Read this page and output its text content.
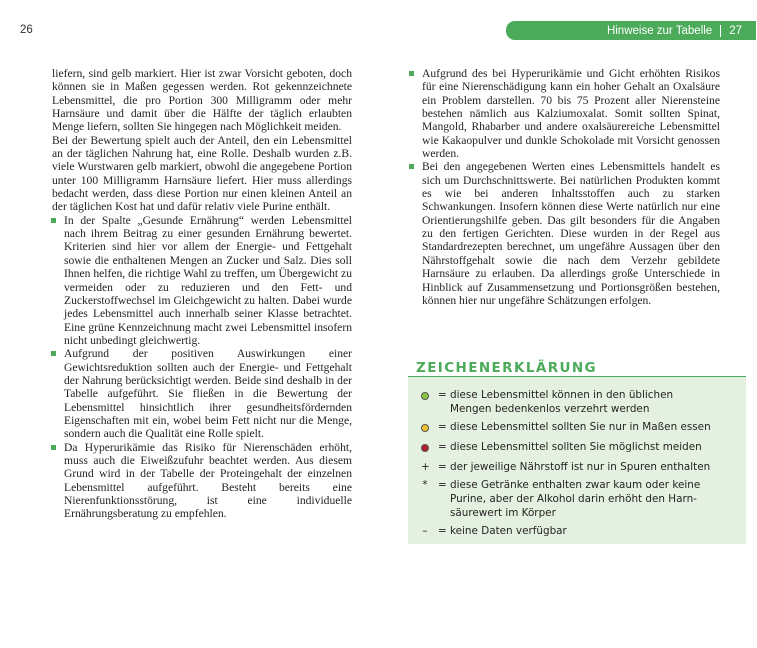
26	Hinweise zur Tabelle 27

liefern, sind gelb markiert. Hier ist zwar Vorsicht geboten, doch können sie in Maßen gegessen werden. Rot gekennzeichnete Lebensmittel, die pro Portion 300 Milligramm oder mehr Harnsäure und damit über die Hälfte der täglich erlaubten Menge liefern, sollten Sie hingegen nach Möglichkeit meiden.

Bei der Bewertung spielt auch der Anteil, den ein Lebensmittel an der täglichen Nahrung hat, eine Rolle. Deshalb wurden z.B. viele Wurstwaren gelb markiert, obwohl die angegebene Portion unter 100 Milligramm Harnsäure liefert. Hier muss allerdings bedacht werden, dass diese Portion nur einen kleinen Anteil an der täglichen Kost hat und dafür relativ viele Purine enthält.

In der Spalte „Gesunde Ernährung“ werden Lebensmittel nach ihrem Beitrag zu einer gesunden Ernährung bewertet. Kriterien sind hier vor allem der Energie- und Fettgehalt sowie die enthaltenen Mengen an Zucker und Salz. Dies soll Ihnen helfen, die richtige Wahl zu treffen, um Übergewicht zu vermeiden oder zu reduzieren und den Fett- und Zuckerstoffwechsel im Gleichgewicht zu halten. Dabei wurde jedes Lebensmittel auch innerhalb seiner Klasse betrachtet. Eine grüne Kennzeichnung macht zwei Lebensmittel insofern nicht unbedingt gleichwertig.

Aufgrund der positiven Auswirkungen einer Gewichtsreduktion sollten auch der Energie- und Fettgehalt der Nahrung berücksichtigt werden. Beide sind deshalb in der Tabelle aufgeführt. Sie fließen in die Bewertung der Lebensmittel hinsichtlich ihrer gesundheitsfördernden Eigenschaften mit ein, wobei beim Fett nicht nur die Menge, sondern auch die Qualität eine Rolle spielt.

Da Hyperurikämie das Risiko für Nierenschäden erhöht, muss auch die Eiweißzufuhr beachtet werden. Aus diesem Grund wird in der Tabelle der Proteingehalt der einzelnen Lebensmittel aufgeführt. Besteht bereits eine Nierenfunktionsstörung, ist eine individuelle Ernährungsberatung zu empfehlen.

Aufgrund des bei Hyperurikämie und Gicht erhöhten Risikos für eine Nierenschädigung kann ein hoher Gehalt an Oxalsäure ein Problem darstellen. 70 bis 75 Prozent aller Nierensteine bestehen nämlich aus Kalziumoxalat. Somit sollten Spinat, Mangold, Rhabarber und andere oxalsäurereiche Lebensmittel wie Kakaopulver und dunkle Schokolade mit Vorsicht genossen werden.

Bei den angegebenen Werten eines Lebensmittels handelt es sich um Durchschnittswerte. Bei natürlichen Produkten kommt es wie bei anderen Inhaltsstoffen auch zu starken Schwankungen. Insofern können diese Werte natürlich nur eine Orientierungshilfe geben. Das gilt besonders für die Angaben zu den fertigen Gerichten. Diese wurden in der Regel aus Standardrezepten berechnet, um ungefähre Aussagen über den Nährstoffgehalt sowie die nach dem Verzehr gebildete Harnsäure zu erlauben. Da allerdings große Unterschiede in Hinblick auf Zusammensetzung und Portionsgrößen bestehen, können hier nur ungefähre Schätzungen erfolgen.

ZEICHENERKLÄRUNG
= diese Lebensmittel können in den üblichen
Mengen bedenkenlos verzehrt werden
= diese Lebensmittel sollten Sie nur in Maßen essen
= diese Lebensmittel sollten Sie möglichst meiden
+ = der jeweilige Nährstoff ist nur in Spuren enthalten
* = diese Getränke enthalten zwar kaum oder keine
Purine, aber der Alkohol darin erhöht den Harn-
säurewert im Körper
– = keine Daten verfügbar
